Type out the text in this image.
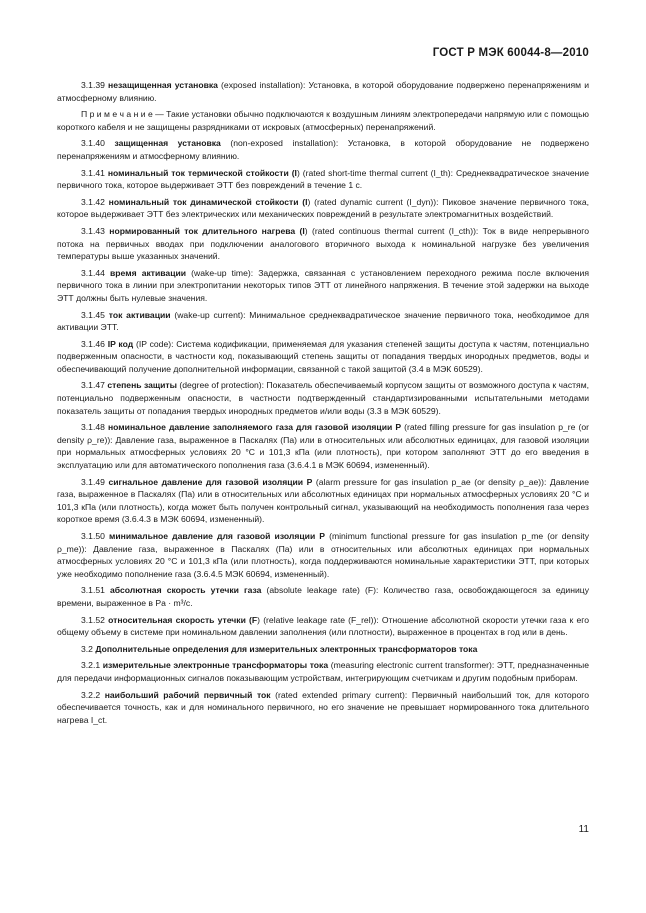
ГОСТ Р МЭК 60044-8—2010

3.1.39 незащищенная установка (exposed installation): Установка, в которой оборудование подвержено перенапряжениям и атмосферному влиянию.

П р и м е ч а н и е — Такие установки обычно подключаются к воздушным линиям электропередачи напрямую или с помощью короткого кабеля и не защищены разрядниками от искровых (атмосферных) перенапряжений.

3.1.40 защищенная установка (non-exposed installation): Установка, в которой оборудование не подвержено перенапряжениям и атмосферному влиянию.

3.1.41 номинальный ток термической стойкости (I) (rated short-time thermal current (I_th): Среднеквадратическое значение первичного тока, которое выдерживает ЭТТ без повреждений в течение 1 с.

3.1.42 номинальный ток динамической стойкости (I) (rated dynamic current (I_dyn)): Пиковое значение первичного тока, которое выдерживает ЭТТ без электрических или механических повреждений в результате электромагнитных воздействий.

3.1.43 нормированный ток длительного нагрева (I) (rated continuous thermal current (I_cth)): Ток в виде непрерывного потока на первичных вводах при подключении аналогового вторичного выхода к номинальной нагрузке без увеличения температуры выше указанных значений.

3.1.44 время активации (wake-up time): Задержка, связанная с установлением переходного режима после включения первичного тока в линии при электропитании некоторых типов ЭТТ от линейного напряжения. В течение этой задержки на выходе ЭТТ должны быть нулевые значения.

3.1.45 ток активации (wake-up current): Минимальное среднеквадратическое значение первичного тока, необходимое для активации ЭТТ.

3.1.46 IP код (IP code): Система кодификации, применяемая для указания степеней защиты доступа к частям, потенциально подверженным опасности, в частности код, показывающий степень защиты от попадания твердых инородных предметов, воды и обеспечивающий получение дополнительной информации, связанной с такой защитой (3.4 в МЭК 60529).

3.1.47 степень защиты (degree of protection): Показатель обеспечиваемый корпусом защиты от возможного доступа к частям, потенциально подверженным опасности, в частности подтвержденный стандартизированными испытательными методами показатель защиты от попадания твердых инородных предметов и/или воды (3.3 в МЭК 60529).

3.1.48 номинальное давление заполняемого газа для газовой изоляции P (rated filling pressure for gas insulation p_re (or density ρ_re)): Давление газа, выраженное в Паскалях (Па) или в относительных или абсолютных единицах, для газовой изоляции при нормальных атмосферных условиях 20 °C и 101,3 кПа (или плотность), при котором заполняют ЭТТ до его введения в эксплуатацию или для автоматического пополнения газа (3.6.4.1 в МЭК 60694, измененный).

3.1.49 сигнальное давление для газовой изоляции P (alarm pressure for gas insulation p_ae (or density ρ_ae)): Давление газа, выраженное в Паскалях (Па) или в относительных или абсолютных единицах при нормальных атмосферных условиях 20 °C и 101,3 кПа (или плотность), когда может быть получен контрольный сигнал, указывающий на необходимость пополнения газа через короткое время (3.6.4.3 в МЭК 60694, измененный).

3.1.50 минимальное давление для газовой изоляции P (minimum functional pressure for gas insulation p_me (or density ρ_me)): Давление газа, выраженное в Паскалях (Па) или в относительных или абсолютных единицах при нормальных атмосферных условиях 20 °C и 101,3 кПа (или плотность), когда поддерживаются номинальные характеристики ЭТТ, при которых уже необходимо пополнение газа (3.6.4.5 МЭК 60694, измененный).

3.1.51 абсолютная скорость утечки газа (absolute leakage rate) (F): Количество газа, освобождающегося за единицу времени, выраженное в Pa · m³/с.

3.1.52 относительная скорость утечки (F) (relative leakage rate (F_rel)): Отношение абсолютной скорости утечки газа к его общему объему в системе при номинальном давлении заполнения (или плотности), выраженное в процентах в год или в день.

3.2 Дополнительные определения для измерительных электронных трансформаторов тока

3.2.1 измерительные электронные трансформаторы тока (measuring electronic current transformer): ЭТТ, предназначенные для передачи информационных сигналов показывающим устройствам, интегрирующим счетчикам и другим подобным приборам.

3.2.2 наибольший рабочий первичный ток (rated extended primary current): Первичный наибольший ток, для которого обеспечивается точность, как и для номинального первичного, но его значение не превышает нормированного тока длительного нагрева I_ct.

11
